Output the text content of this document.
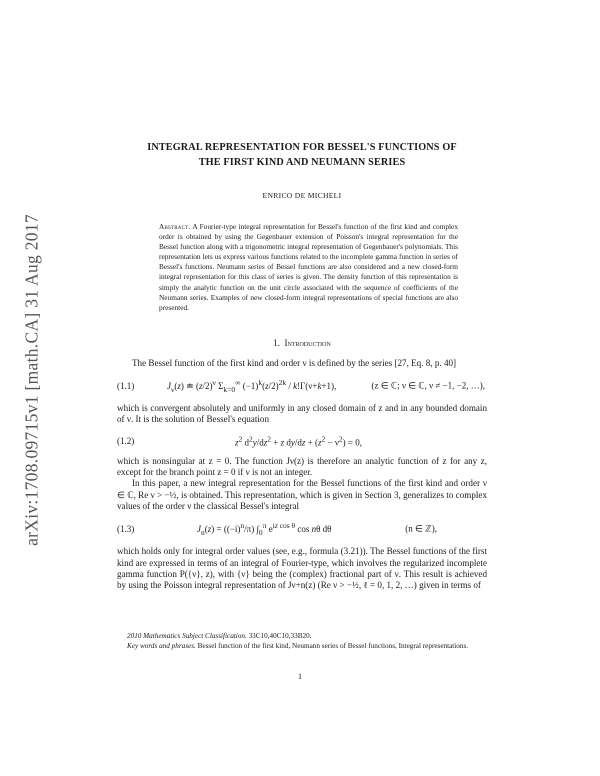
arXiv:1708.09715v1 [math.CA] 31 Aug 2017
INTEGRAL REPRESENTATION FOR BESSEL'S FUNCTIONS OF
THE FIRST KIND AND NEUMANN SERIES
ENRICO DE MICHELI
Abstract. A Fourier-type integral representation for Bessel's function of the first kind and complex order is obtained by using the Gegenbauer extension of Poisson's integral representation for the Bessel function along with a trigonometric integral representation of Gegenbauer's polynomials. This representation lets us express various functions related to the incomplete gamma function in series of Bessel's functions. Neumann series of Bessel functions are also considered and a new closed-form integral representation for this class of series is given. The density function of this representation is simply the analytic function on the unit circle associated with the sequence of coefficients of the Neumann series. Examples of new closed-form integral representations of special functions are also presented.
1. Introduction

The Bessel function of the first kind and order ν is defined by the series [27, Eq. 8, p. 40]

(1.1)	$J_\nu(z)$ ≐ $(z/2)^\nu$ $\Sigma_{k=0}^\infty$ $(-1)^k(z/2)^{2k} / k!\Gamma(\nu+k+1)$,	(z ∈ ℂ; ν ∈ ℂ, ν ≠ −1, −2, …),

which is convergent absolutely and uniformly in any closed domain of z and in any bounded domain of ν. It is the solution of Bessel's equation

(1.2)	$z^2$ $d^2y/dz^2 + z$ $dy/dz + (z^2 - \nu^2) = 0$,

which is nonsingular at z = 0. The function Jν(z) is therefore an analytic function of z for any z, except for the branch point z = 0 if ν is not an integer.

In this paper, a new integral representation for the Bessel functions of the first kind and order ν ∈ ℂ, Re ν > −½, is obtained. This representation, which is given in Section 3, generalizes to complex values of the order ν the classical Bessel's integral

(1.3)	$J_n(z) = ((-i)^n/\pi)$ $\int_0^\pi$ $e^{iz cos \theta}$ cos nθ dθ	(n ∈ ℤ),

which holds only for integral order values (see, e.g., formula (3.21)). The Bessel functions of the first kind are expressed in terms of an integral of Fourier-type, which involves the regularized incomplete gamma function P({ν}, z), with {ν} being the (complex) fractional part of ν. This result is achieved by using the Poisson integral representation of Jν+n(z) (Re ν > −½, ℓ = 0, 1, 2, …) given in terms of

2010 Mathematics Subject Classification. 33C10,40C10,33B20.

Key words and phrases. Bessel function of the first kind, Neumann series of Bessel functions, Integral representations.

1
